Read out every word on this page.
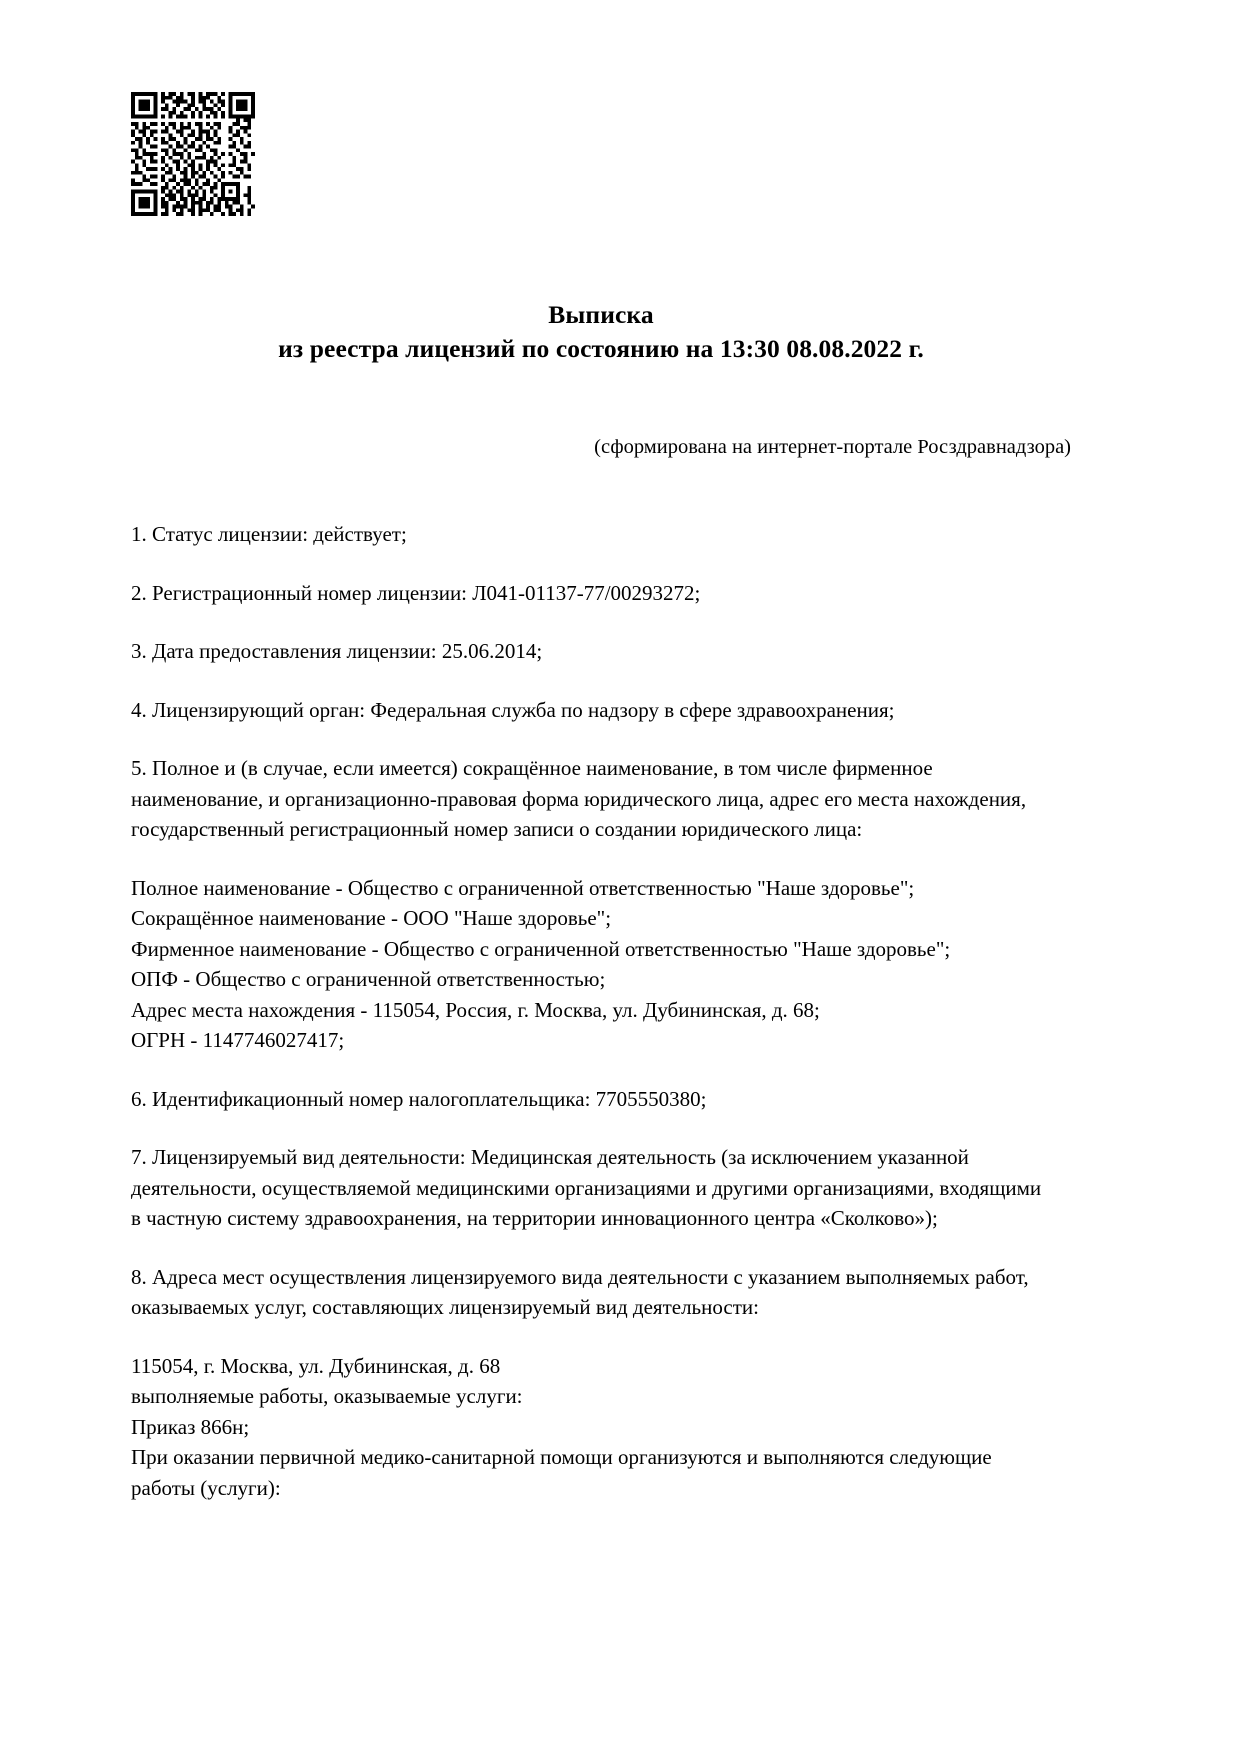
Выписка
из реестра лицензий по состоянию на 13:30 08.08.2022 г.
(сформирована на интернет-портале Росздравнадзора)

1. Статус лицензии: действует;

2. Регистрационный номер лицензии: Л041-01137-77/00293272;

3. Дата предоставления лицензии: 25.06.2014;

4. Лицензирующий орган: Федеральная служба по надзору в сфере здравоохранения;

5. Полное и (в случае, если имеется) сокращённое наименование, в том числе фирменное наименование, и организационно-правовая форма юридического лица, адрес его места нахождения, государственный регистрационный номер записи о создании юридического лица:

Полное наименование - Общество с ограниченной ответственностью "Наше здоровье";
Сокращённое наименование - ООО "Наше здоровье";
Фирменное наименование - Общество с ограниченной ответственностью "Наше здоровье";
ОПФ - Общество с ограниченной ответственностью;
Адрес места нахождения - 115054, Россия, г. Москва, ул. Дубининская, д. 68;
ОГРН - 1147746027417;

6. Идентификационный номер налогоплательщика: 7705550380;

7. Лицензируемый вид деятельности: Медицинская деятельность (за исключением указанной деятельности, осуществляемой медицинскими организациями и другими организациями, входящими в частную систему здравоохранения, на территории инновационного центра «Сколково»);

8. Адреса мест осуществления лицензируемого вида деятельности с указанием выполняемых работ, оказываемых услуг, составляющих лицензируемый вид деятельности:

115054, г. Москва, ул. Дубининская, д. 68
выполняемые работы, оказываемые услуги:
Приказ 866н;
При оказании первичной медико-санитарной помощи организуются и выполняются следующие работы (услуги):
